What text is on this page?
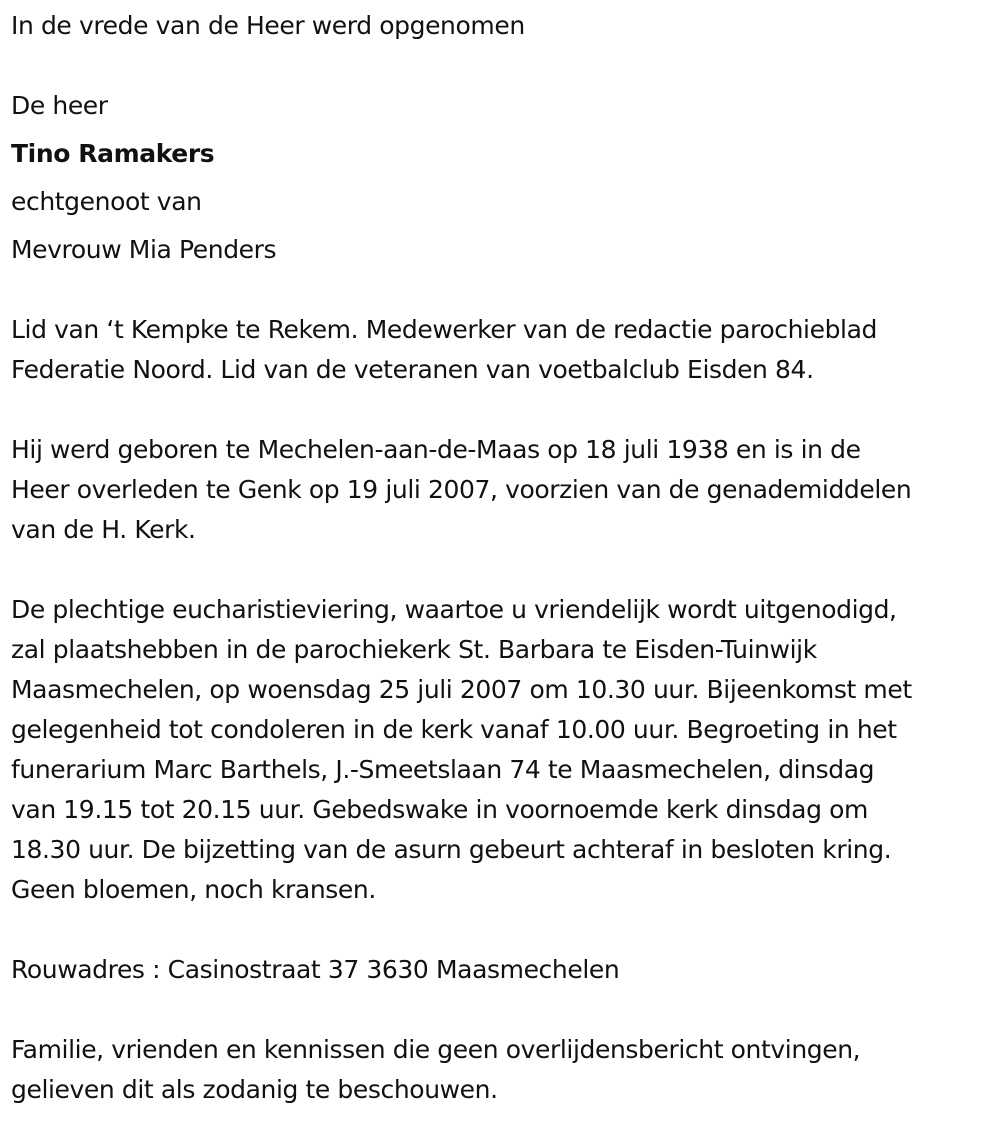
In de vrede van de Heer werd opgenomen
De heer
Tino Ramakers
echtgenoot van
Mevrouw Mia Penders
Lid van ‘t Kempke te Rekem. Medewerker van de redactie parochieblad
Federatie Noord. Lid van de veteranen van voetbalclub Eisden 84.
Hij werd geboren te Mechelen-aan-de-Maas op 18 juli 1938 en is in de
Heer overleden te Genk op 19 juli 2007, voorzien van de genademiddelen
van de H. Kerk.
De plechtige eucharistieviering, waartoe u vriendelijk wordt uitgenodigd,
zal plaatshebben in de parochiekerk St. Barbara te Eisden-Tuinwijk
Maasmechelen, op woensdag 25 juli 2007 om 10.30 uur. Bijeenkomst met
gelegenheid tot condoleren in de kerk vanaf 10.00 uur. Begroeting in het
funerarium Marc Barthels, J.-Smeetslaan 74 te Maasmechelen, dinsdag
van 19.15 tot 20.15 uur. Gebedswake in voornoemde kerk dinsdag om
18.30 uur. De bijzetting van de asurn gebeurt achteraf in besloten kring.
Geen bloemen, noch kransen.
Rouwadres : Casinostraat 37 3630 Maasmechelen
Familie, vrienden en kennissen die geen overlijdensbericht ontvingen,
gelieven dit als zodanig te beschouwen.
